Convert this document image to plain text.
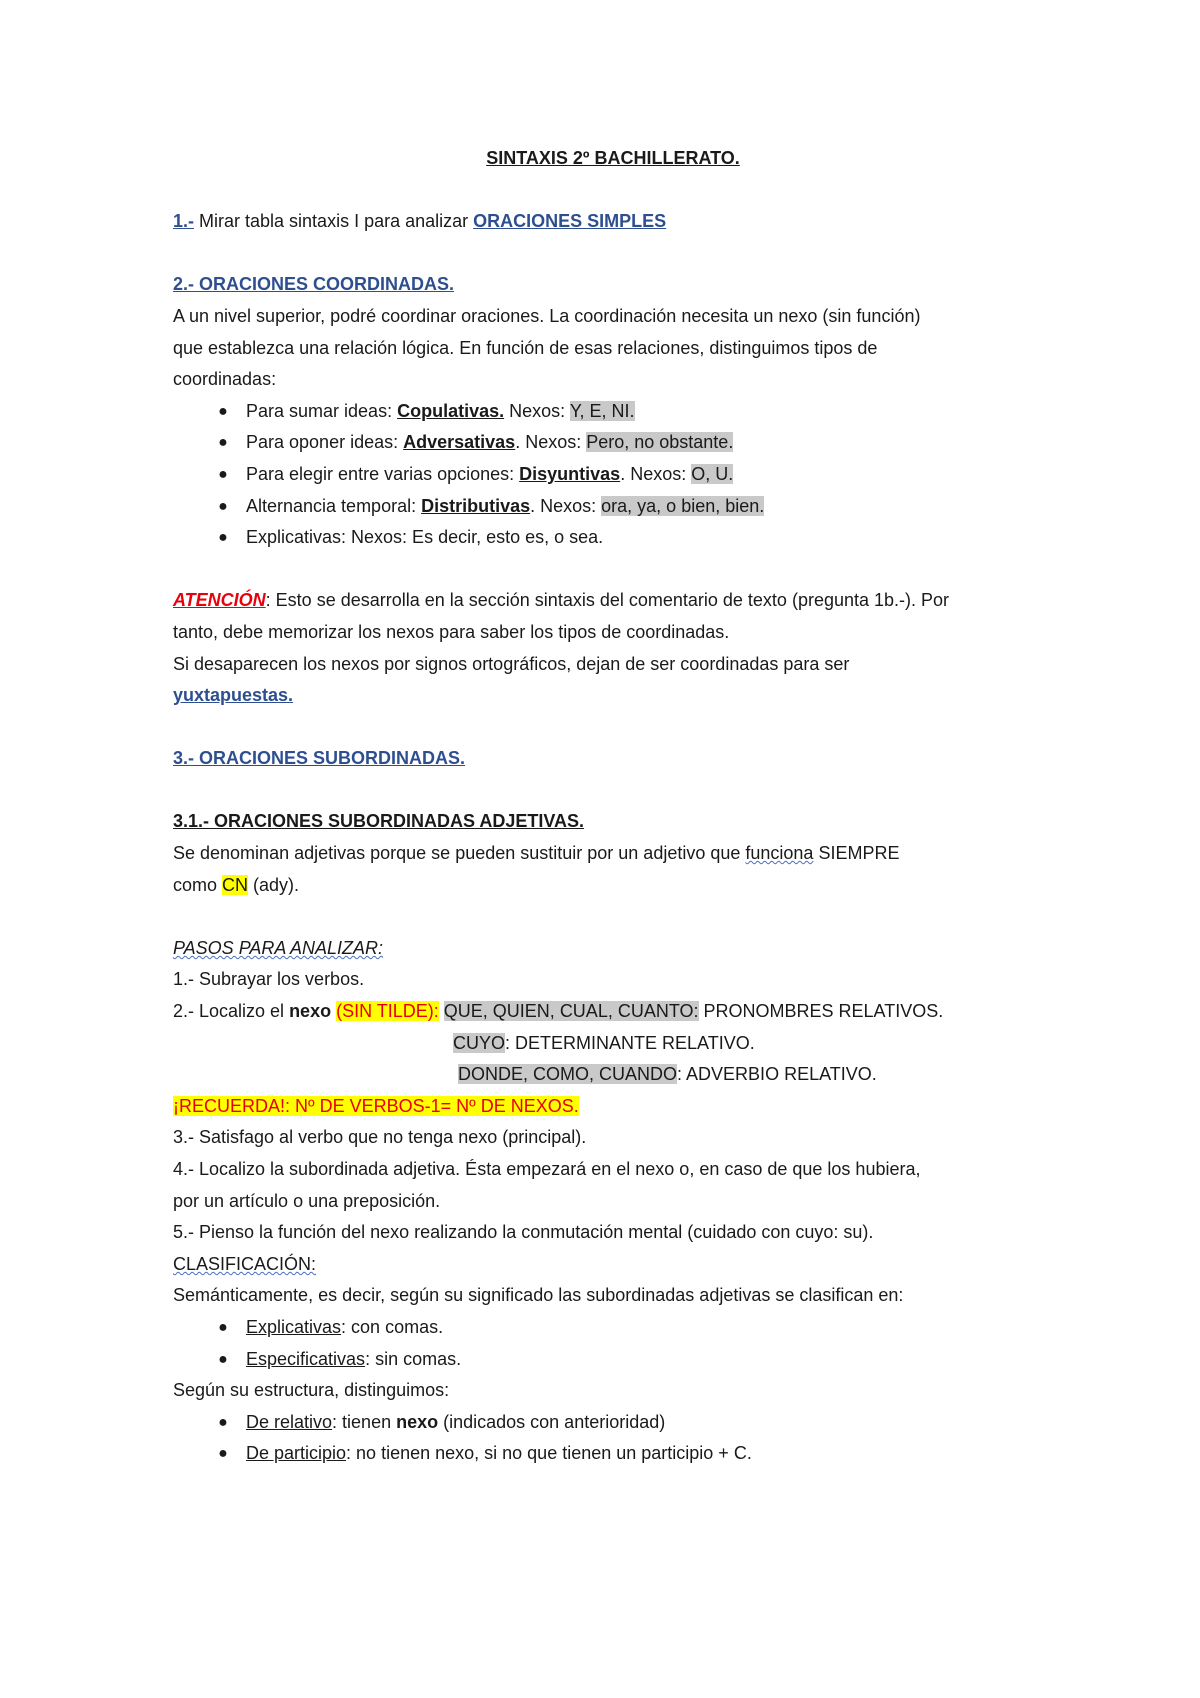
SINTAXIS 2º BACHILLERATO.
1.- Mirar tabla sintaxis I para analizar ORACIONES SIMPLES
2.- ORACIONES COORDINADAS.
A un nivel superior, podré coordinar oraciones. La coordinación necesita un nexo (sin función)
que establezca una relación lógica. En función de esas relaciones, distinguimos tipos de
coordinadas:
● Para sumar ideas: Copulativas. Nexos: Y, E, NI.
● Para oponer ideas: Adversativas. Nexos: Pero, no obstante.
● Para elegir entre varias opciones: Disyuntivas. Nexos: O, U.
● Alternancia temporal: Distributivas. Nexos: ora, ya, o bien, bien.
● Explicativas: Nexos: Es decir, esto es, o sea.
ATENCIÓN: Esto se desarrolla en la sección sintaxis del comentario de texto (pregunta 1b.-). Por
tanto, debe memorizar los nexos para saber los tipos de coordinadas.
Si desaparecen los nexos por signos ortográficos, dejan de ser coordinadas para ser
yuxtapuestas.
3.- ORACIONES SUBORDINADAS.
3.1.- ORACIONES SUBORDINADAS ADJETIVAS.
Se denominan adjetivas porque se pueden sustituir por un adjetivo que funciona SIEMPRE
como CN (ady).
PASOS PARA ANALIZAR:
1.- Subrayar los verbos.
2.- Localizo el nexo (SIN TILDE): QUE, QUIEN, CUAL, CUANTO: PRONOMBRES RELATIVOS.
CUYO: DETERMINANTE RELATIVO.
DONDE, COMO, CUANDO: ADVERBIO RELATIVO.
¡RECUERDA!: Nº DE VERBOS-1= Nº DE NEXOS.
3.- Satisfago al verbo que no tenga nexo (principal).
4.- Localizo la subordinada adjetiva. Ésta empezará en el nexo o, en caso de que los hubiera,
por un artículo o una preposición.
5.- Pienso la función del nexo realizando la conmutación mental (cuidado con cuyo: su).
CLASIFICACIÓN:
Semánticamente, es decir, según su significado las subordinadas adjetivas se clasifican en:
● Explicativas: con comas.
● Especificativas: sin comas.
Según su estructura, distinguimos:
● De relativo: tienen nexo (indicados con anterioridad)
● De participio: no tienen nexo, si no que tienen un participio + C.
